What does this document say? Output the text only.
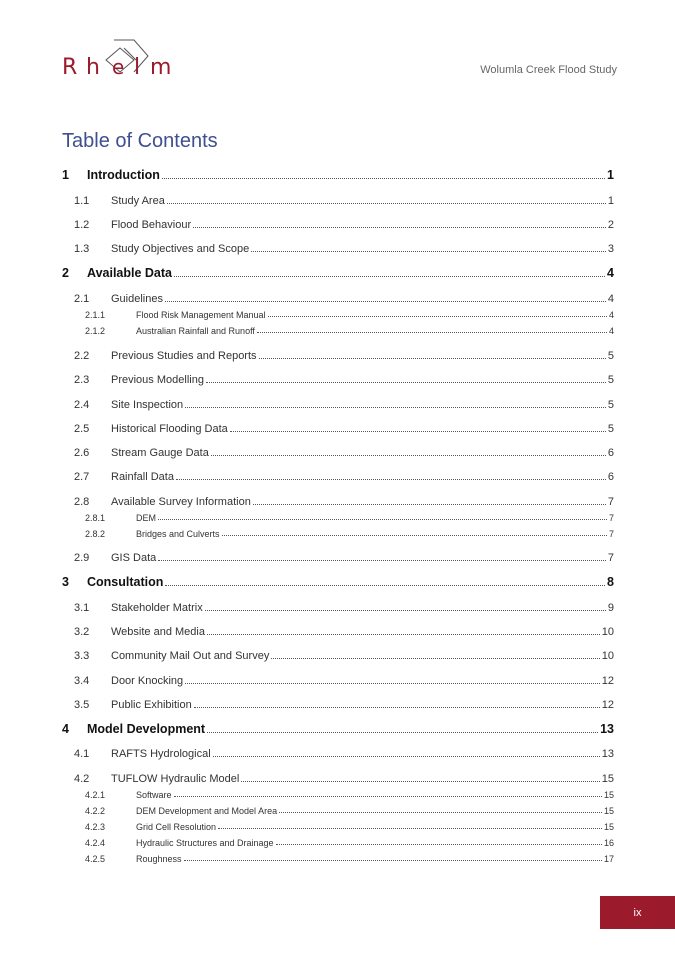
R h e l m	Wolumla Creek Flood Study
Table of Contents
1	Introduction	1
1.1	Study Area	1
1.2	Flood Behaviour	2
1.3	Study Objectives and Scope	3
2	Available Data	4
2.1	Guidelines	4
2.1.1	Flood Risk Management Manual	4
2.1.2	Australian Rainfall and Runoff	4
2.2	Previous Studies and Reports	5
2.3	Previous Modelling	5
2.4	Site Inspection	5
2.5	Historical Flooding Data	5
2.6	Stream Gauge Data	6
2.7	Rainfall Data	6
2.8	Available Survey Information	7
2.8.1	DEM	7
2.8.2	Bridges and Culverts	7
2.9	GIS Data	7
3	Consultation	8
3.1	Stakeholder Matrix	9
3.2	Website and Media	10
3.3	Community Mail Out and Survey	10
3.4	Door Knocking	12
3.5	Public Exhibition	12
4	Model Development	13
4.1	RAFTS Hydrological	13
4.2	TUFLOW Hydraulic Model	15
4.2.1	Software	15
4.2.2	DEM Development and Model Area	15
4.2.3	Grid Cell Resolution	15
4.2.4	Hydraulic Structures and Drainage	16
4.2.5	Roughness	17
ix
